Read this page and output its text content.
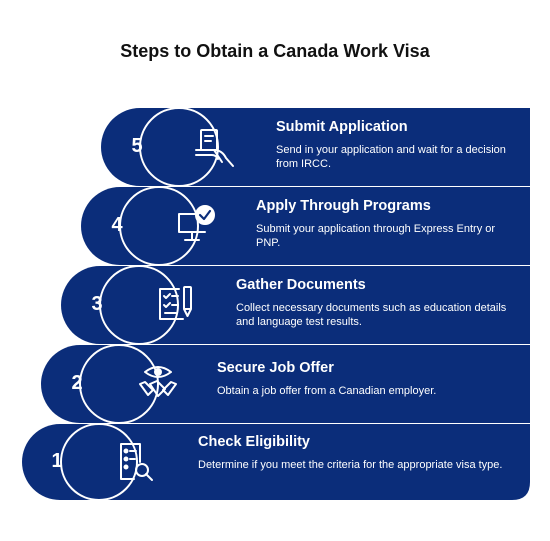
Steps to Obtain a Canada Work Visa
5
4
3
2
1

Submit Application

Send in your application and wait for a decision from IRCC.

Apply Through Programs

Submit your application through Express Entry or PNP.

Gather Documents

Collect necessary documents such as education details and language test results.

Secure Job Offer

Obtain a job offer from a Canadian employer.

Check Eligibility

Determine if you meet the criteria for the appropriate visa type.
